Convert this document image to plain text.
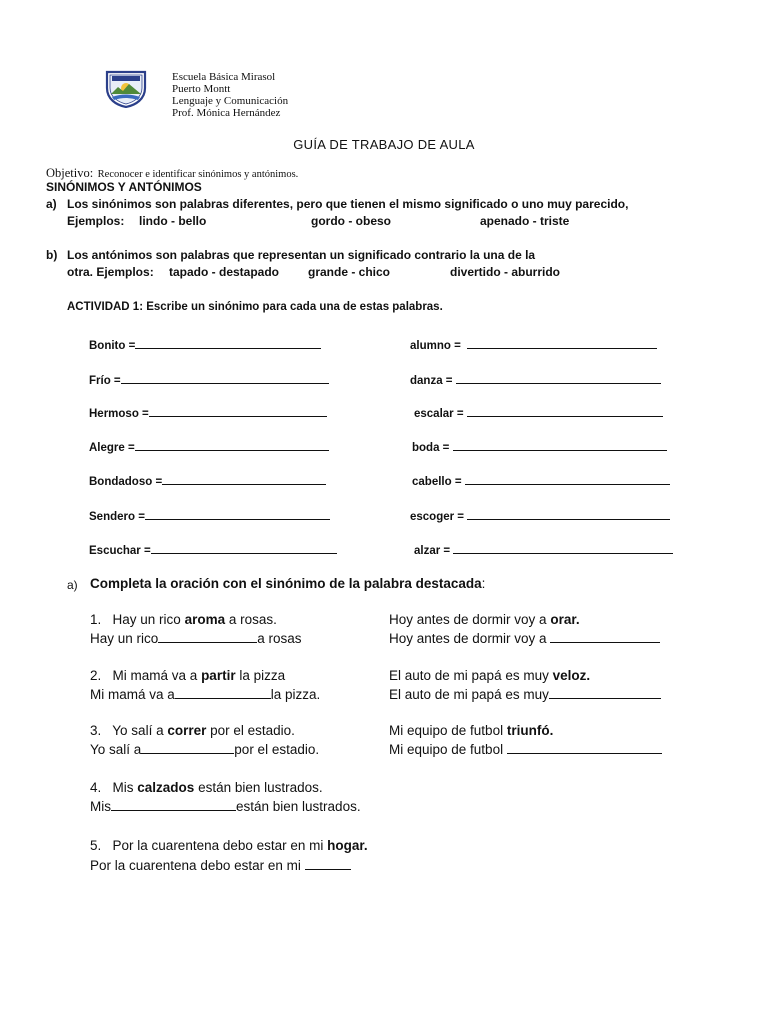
Escuela Básica Mirasol
Puerto Montt
Lenguaje y Comunicación
Prof. Mónica Hernández
GUÍA DE TRABAJO DE AULA
Objetivo: Reconocer e identificar sinónimos y antónimos.
SINÓNIMOS Y ANTÓNIMOS
a) Los sinónimos son palabras diferentes, pero que tienen el mismo significado o uno muy parecido,
Ejemplos: lindo - bello	gordo - obeso	apenado - triste
b) Los antónimos son palabras que representan un significado contrario la una de la
otra. Ejemplos: tapado - destapado grande - chico	divertido - aburrido
ACTIVIDAD 1: Escribe un sinónimo para cada una de estas palabras.
Bonito =
Frío =
Hermoso =
Alegre =
Bondadoso =
Sendero =
Escuchar =
alumno =
danza =
escalar =
boda =
cabello =
escoger =
alzar =
a) Completa la oración con el sinónimo de la palabra destacada:
1. Hay un rico aroma a rosas.
Hay un rico	a rosas
Hoy antes de dormir voy a orar.
Hoy antes de dormir voy a
2. Mi mamá va a partir la pizza
Mi mamá va a	la pizza.
El auto de mi papá es muy veloz.
El auto de mi papá es muy
3. Yo salí a correr por el estadio.
Yo salí a	por el estadio.
Mi equipo de futbol triunfó.
Mi equipo de futbol
4. Mis calzados están bien lustrados.
Mis	están bien lustrados.
5. Por la cuarentena debo estar en mi hogar.
Por la cuarentena debo estar en mi
